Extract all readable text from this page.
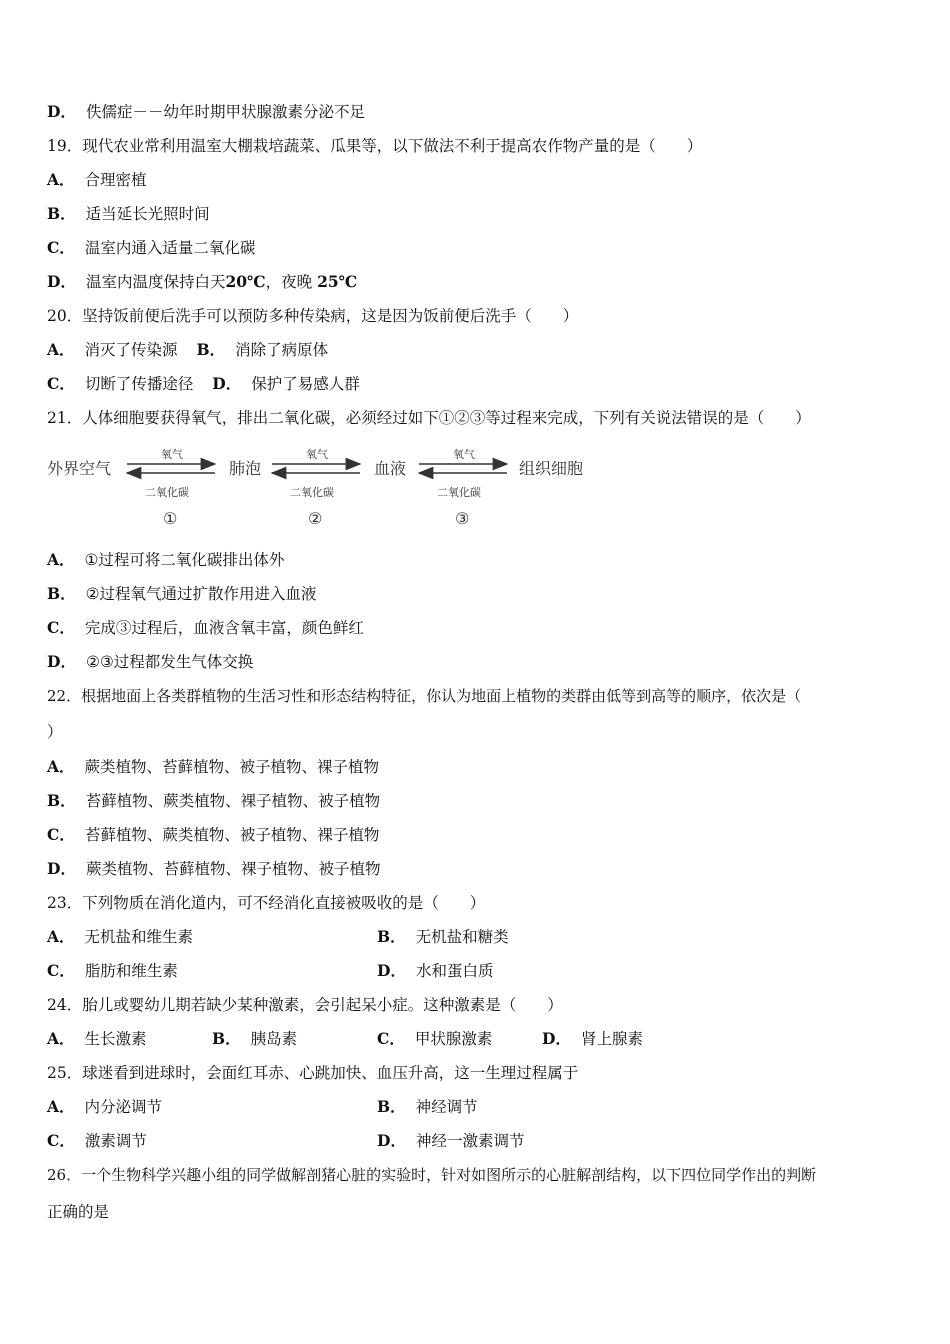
D． 佚儒症－－幼年时期甲状腺激素分泌不足
19．现代农业常利用温室大棚栽培蔬菜、瓜果等，以下做法不利于提高农作物产量的是（　　）
A． 合理密植
B． 适当延长光照时间
C． 温室内通入适量二氧化碳
D． 温室内温度保持白天20℃，夜晚 25℃
20．坚持饭前便后洗手可以预防多种传染病，这是因为饭前便后洗手（　　）
A． 消灭了传染源 B． 消除了病原体
C． 切断了传播途径 D． 保护了易感人群
21．人体细胞要获得氧气，排出二氧化碳，必须经过如下①②③等过程来完成，下列有关说法错误的是（　　）
外界空气	肺泡	血液	组织细胞
氧气
二氧化碳
①
氧气
二氧化碳
②
氧气
二氧化碳
③
A． ①过程可将二氧化碳排出体外
B． ②过程氧气通过扩散作用进入血液
C． 完成③过程后，血液含氧丰富，颜色鲜红
D． ②③过程都发生气体交换
22．根据地面上各类群植物的生活习性和形态结构特征，你认为地面上植物的类群由低等到高等的顺序，依次是（
）
A． 蕨类植物、苔藓植物、被子植物、裸子植物
B． 苔藓植物、蕨类植物、裸子植物、被子植物
C． 苔藓植物、蕨类植物、被子植物、裸子植物
D． 蕨类植物、苔藓植物、裸子植物、被子植物
23．下列物质在消化道内，可不经消化直接被吸收的是（　　）
A． 无机盐和维生素	B． 无机盐和糖类
C． 脂肪和维生素	D． 水和蛋白质
24．胎儿或婴幼儿期若缺少某种激素，会引起呆小症。这种激素是（　　）
A． 生长激素	B． 胰岛素	C． 甲状腺激素	D． 肾上腺素
25．球迷看到进球时，会面红耳赤、心跳加快、血压升高，这一生理过程属于
A． 内分泌调节	B． 神经调节
C． 激素调节	D． 神经一激素调节
26．一个生物科学兴趣小组的同学做解剖猪心脏的实验时，针对如图所示的心脏解剖结构，以下四位同学作出的判断
正确的是
